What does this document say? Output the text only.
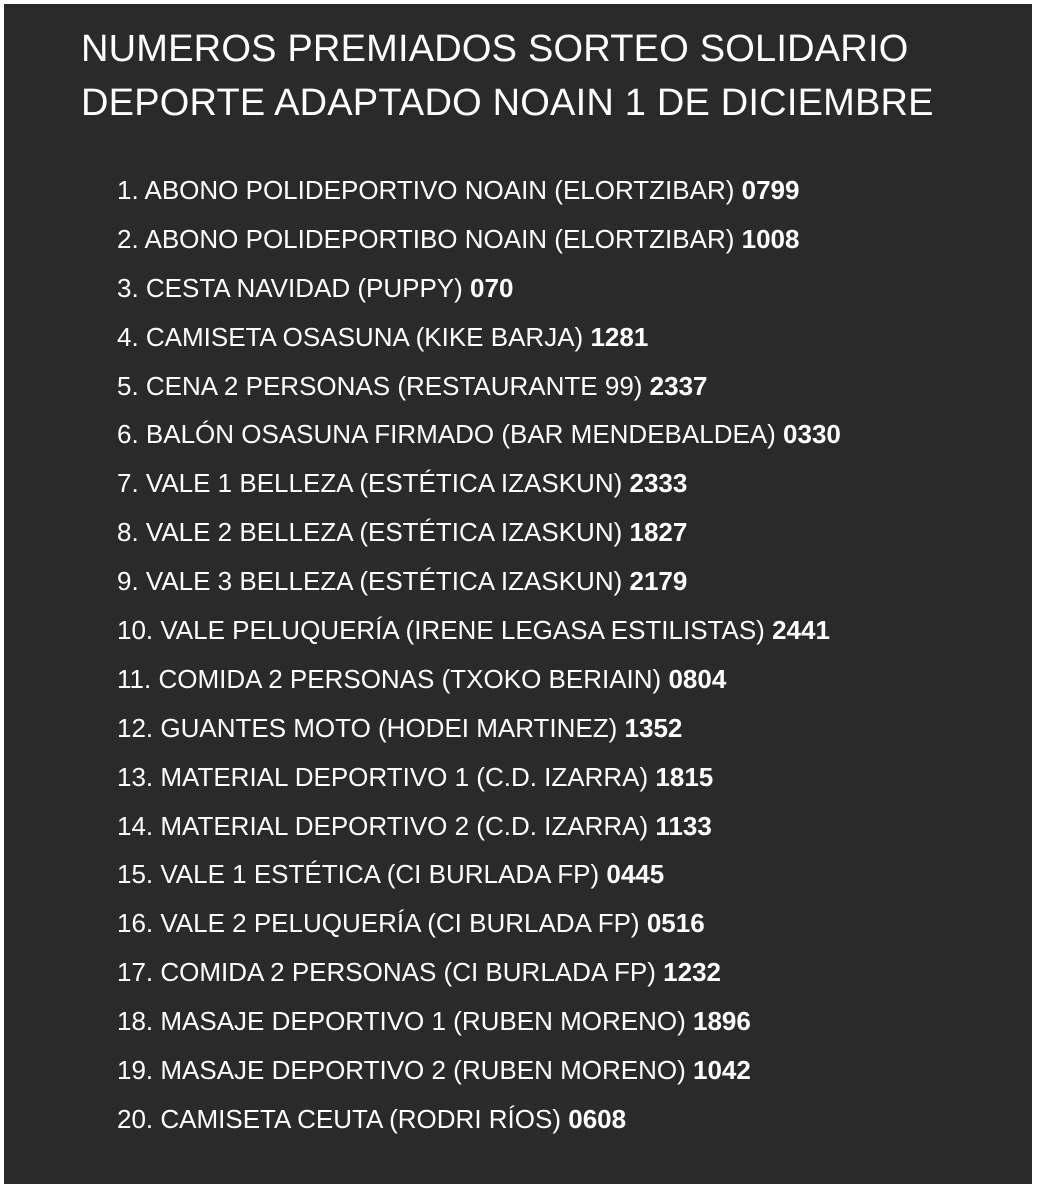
NUMEROS PREMIADOS SORTEO SOLIDARIO
DEPORTE ADAPTADO NOAIN 1 DE DICIEMBRE
1. ABONO POLIDEPORTIVO NOAIN (ELORTZIBAR) 0799
2. ABONO POLIDEPORTIBO NOAIN (ELORTZIBAR) 1008
3. CESTA NAVIDAD (PUPPY) 070
4. CAMISETA OSASUNA (KIKE BARJA) 1281
5. CENA 2 PERSONAS (RESTAURANTE 99) 2337
6. BALÓN OSASUNA FIRMADO (BAR MENDEBALDEA) 0330
7. VALE 1 BELLEZA (ESTÉTICA IZASKUN) 2333
8. VALE 2 BELLEZA (ESTÉTICA IZASKUN) 1827
9. VALE 3 BELLEZA (ESTÉTICA IZASKUN) 2179
10. VALE PELUQUERÍA (IRENE LEGASA ESTILISTAS) 2441
11. COMIDA 2 PERSONAS (TXOKO BERIAIN) 0804
12. GUANTES MOTO (HODEI MARTINEZ) 1352
13. MATERIAL DEPORTIVO 1 (C.D. IZARRA) 1815
14. MATERIAL DEPORTIVO 2 (C.D. IZARRA) 1133
15. VALE 1 ESTÉTICA (CI BURLADA FP) 0445
16. VALE 2 PELUQUERÍA (CI BURLADA FP) 0516
17. COMIDA 2 PERSONAS (CI BURLADA FP) 1232
18. MASAJE DEPORTIVO 1 (RUBEN MORENO) 1896
19. MASAJE DEPORTIVO 2 (RUBEN MORENO) 1042
20. CAMISETA CEUTA (RODRI RÍOS) 0608
